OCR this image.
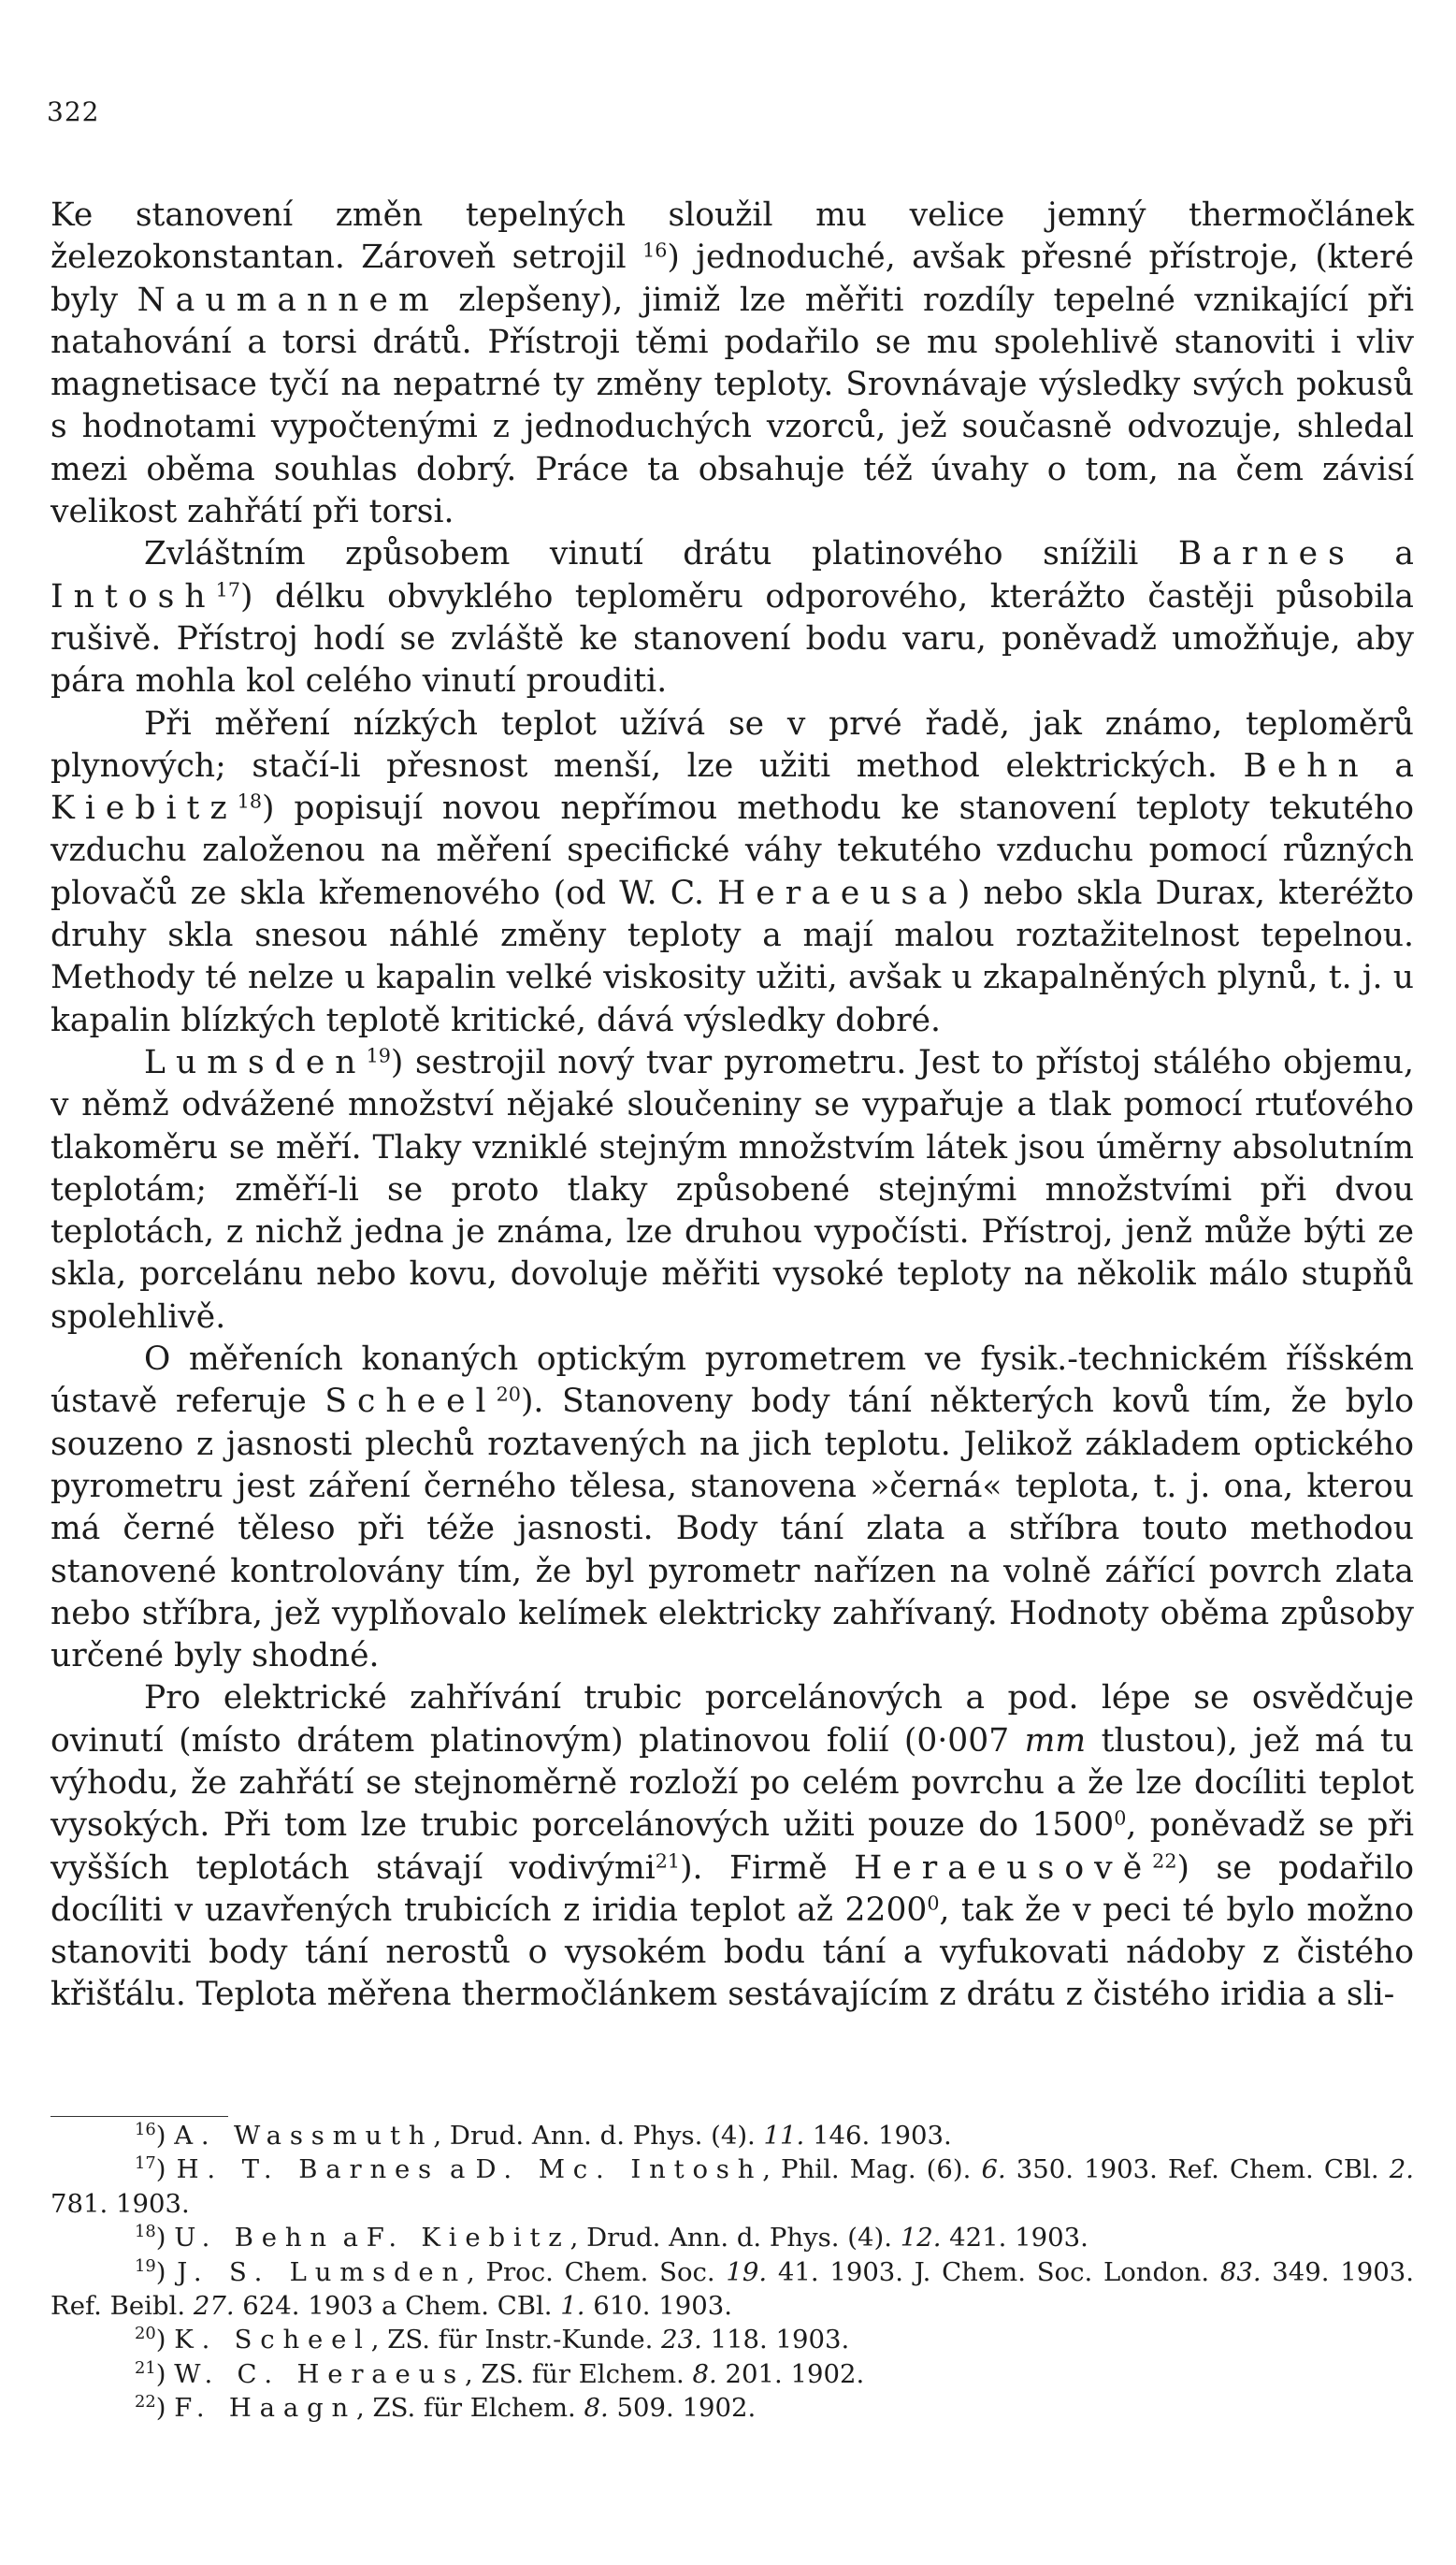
322

Ke stanovení změn tepelných sloužil mu velice jemný thermočlánek železokonstantan. Zároveň setrojil $^{16}$) jednoduché, avšak přesné přístroje, (které byly Naumannem zlepšeny), jimiž lze měřiti rozdíly tepelné vznikající při natahování a torsi drátů. Přístroji těmi podařilo se mu spolehlivě stanoviti i vliv magnetisace tyčí na nepatrné ty změny teploty. Srovnávaje výsledky svých pokusů s hodnotami vypočtenými z jednoduchých vzorců, jež současně odvozuje, shledal mezi oběma souhlas dobrý. Práce ta obsahuje též úvahy o tom, na čem závisí velikost zahřátí při torsi.

Zvláštním způsobem vinutí drátu platinového snížili Barnes a Intosh$^{17}$) délku obvyklého teploměru odporového, kterážto častěji působila rušivě. Přístroj hodí se zvláště ke stanovení bodu varu, poněvadž umožňuje, aby pára mohla kol celého vinutí prouditi.

Při měření nízkých teplot užívá se v prvé řadě, jak známo, teploměrů plynových; stačí-li přesnost menší, lze užiti method elektrických. Behn a Kiebitz$^{18}$) popisují novou nepřímou methodu ke stanovení teploty tekutého vzduchu založenou na měření specifické váhy tekutého vzduchu pomocí různých plovačů ze skla křemenového (od W. C. Heraeusa) nebo skla Durax, kteréžto druhy skla snesou náhlé změny teploty a mají malou roztažitelnost tepelnou. Methody té nelze u kapalin velké viskosity užiti, avšak u zkapalněných plynů, t. j. u kapalin blízkých teplotě kritické, dává výsledky dobré.

Lumsden$^{19}$) sestrojil nový tvar pyrometru. Jest to přístoj stálého objemu, v němž odvážené množství nějaké sloučeniny se vypařuje a tlak pomocí rtuťového tlakoměru se měří. Tlaky vzniklé stejným množstvím látek jsou úměrny absolutním teplotám; změří-li se proto tlaky způsobené stejnými množstvími při dvou teplotách, z nichž jedna je známa, lze druhou vypočísti. Přístroj, jenž může býti ze skla, porcelánu nebo kovu, dovoluje měřiti vysoké teploty na několik málo stupňů spolehlivě.

O měřeních konaných optickým pyrometrem ve fysik.-technickém říšském ústavě referuje Scheel$^{20}$). Stanoveny body tání některých kovů tím, že bylo souzeno z jasnosti plechů roztavených na jich teplotu. Jelikož základem optického pyrometru jest záření černého tělesa, stanovena »černá« teplota, t. j. ona, kterou má černé těleso při téže jasnosti. Body tání zlata a stříbra touto methodou stanovené kontrolovány tím, že byl pyrometr nařízen na volně zářící povrch zlata nebo stříbra, jež vyplňovalo kelímek elektricky zahřívaný. Hodnoty oběma způsoby určené byly shodné.

Pro elektrické zahřívání trubic porcelánových a pod. lépe se osvědčuje ovinutí (místo drátem platinovým) platinovou folií (0·007 mm tlustou), jež má tu výhodu, že zahřátí se stejnoměrně rozloží po celém povrchu a že lze docíliti teplot vysokých. Při tom lze trubic porcelánových užiti pouze do 1500$^0$, poněvadž se při vyšších teplotách stávají vodivými$^{21}$). Firmě Heraeusově$^{22}$) se podařilo docíliti v uzavřených trubicích z iridia teplot až 2200$^0$, tak že v peci té bylo možno stanoviti body tání nerostů o vysokém bodu tání a vyfukovati nádoby z čistého křišťálu. Teplota měřena thermočlánkem sestávajícím z drátu z čistého iridia a sli-

$^{16}$) A. Wassmuth, Drud. Ann. d. Phys. (4). 11. 146. 1903.

$^{17}$) H. T. Barnes a D. Mc. Intosh, Phil. Mag. (6). 6. 350. 1903. Ref. Chem. CBl. 2. 781. 1903.

$^{18}$) U. Behn a F. Kiebitz, Drud. Ann. d. Phys. (4). 12. 421. 1903.

$^{19}$) J. S. Lumsden, Proc. Chem. Soc. 19. 41. 1903. J. Chem. Soc. London. 83. 349. 1903. Ref. Beibl. 27. 624. 1903 a Chem. CBl. 1. 610. 1903.

$^{20}$) K. Scheel, ZS. für Instr.-Kunde. 23. 118. 1903.

$^{21}$) W. C. Heraeus, ZS. für Elchem. 8. 201. 1902.

$^{22}$) F. Haagn, ZS. für Elchem. 8. 509. 1902.
